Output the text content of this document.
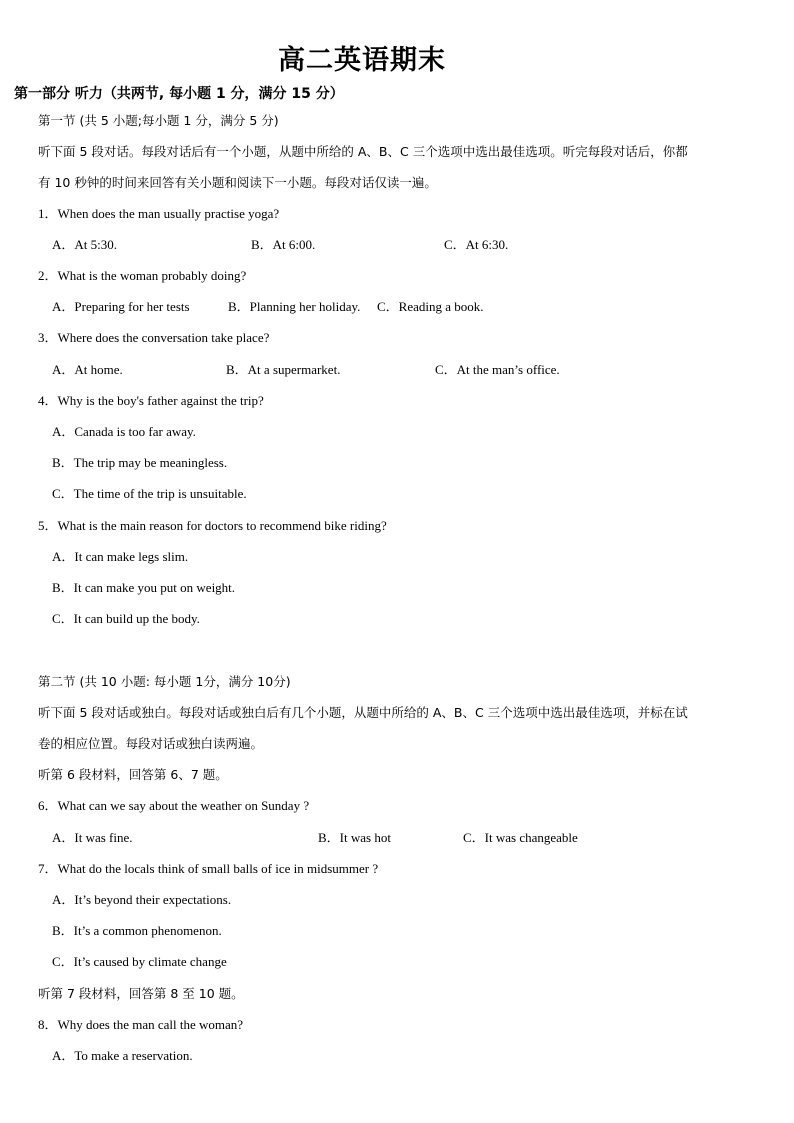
高二英语期末
第一部分 听力（共两节, 每小题 1 分，满分 15 分）
第一节 (共 5 小题;每小题 1 分，满分 5 分)
听下面 5 段对话。每段对话后有一个小题，从题中所给的 A、B、C 三个选项中选出最佳选项。听完每段对话后，你都
有 10 秒钟的时间来回答有关小题和阅读下一小题。每段对话仅读一遍。
1．When does the man usually practise yoga?
A．At 5:30.	B．At 6:00.	C．At 6:30.
2．What is the woman probably doing?
A．Preparing for her tests	B．Planning her holiday. C．Reading a book.
3．Where does the conversation take place?
A．At home.	B．At a supermarket.	C．At the man’s office.
4．Why is the boy's father against the trip?
A．Canada is too far away.
B．The trip may be meaningless.
C．The time of the trip is unsuitable.
5．What is the main reason for doctors to recommend bike riding?
A．It can make legs slim.
B．It can make you put on weight.
C．It can build up the body.
第二节 (共 10 小题: 每小题 1分，满分 10分)
听下面 5 段对话或独白。每段对话或独白后有几个小题，从题中所给的 A、B、C 三个选项中选出最佳选项，并标在试
卷的相应位置。每段对话或独白读两遍。
听第 6 段材料，回答第 6、7 题。
6．What can we say about the weather on Sunday ?
A．It was fine.	B．It was hot	C．It was changeable
7．What do the locals think of small balls of ice in midsummer ?
A．It’s beyond their expectations.
B．It’s a common phenomenon.
C．It’s caused by climate change
听第 7 段材料，回答第 8 至 10 题。
8．Why does the man call the woman?
A．To make a reservation.
